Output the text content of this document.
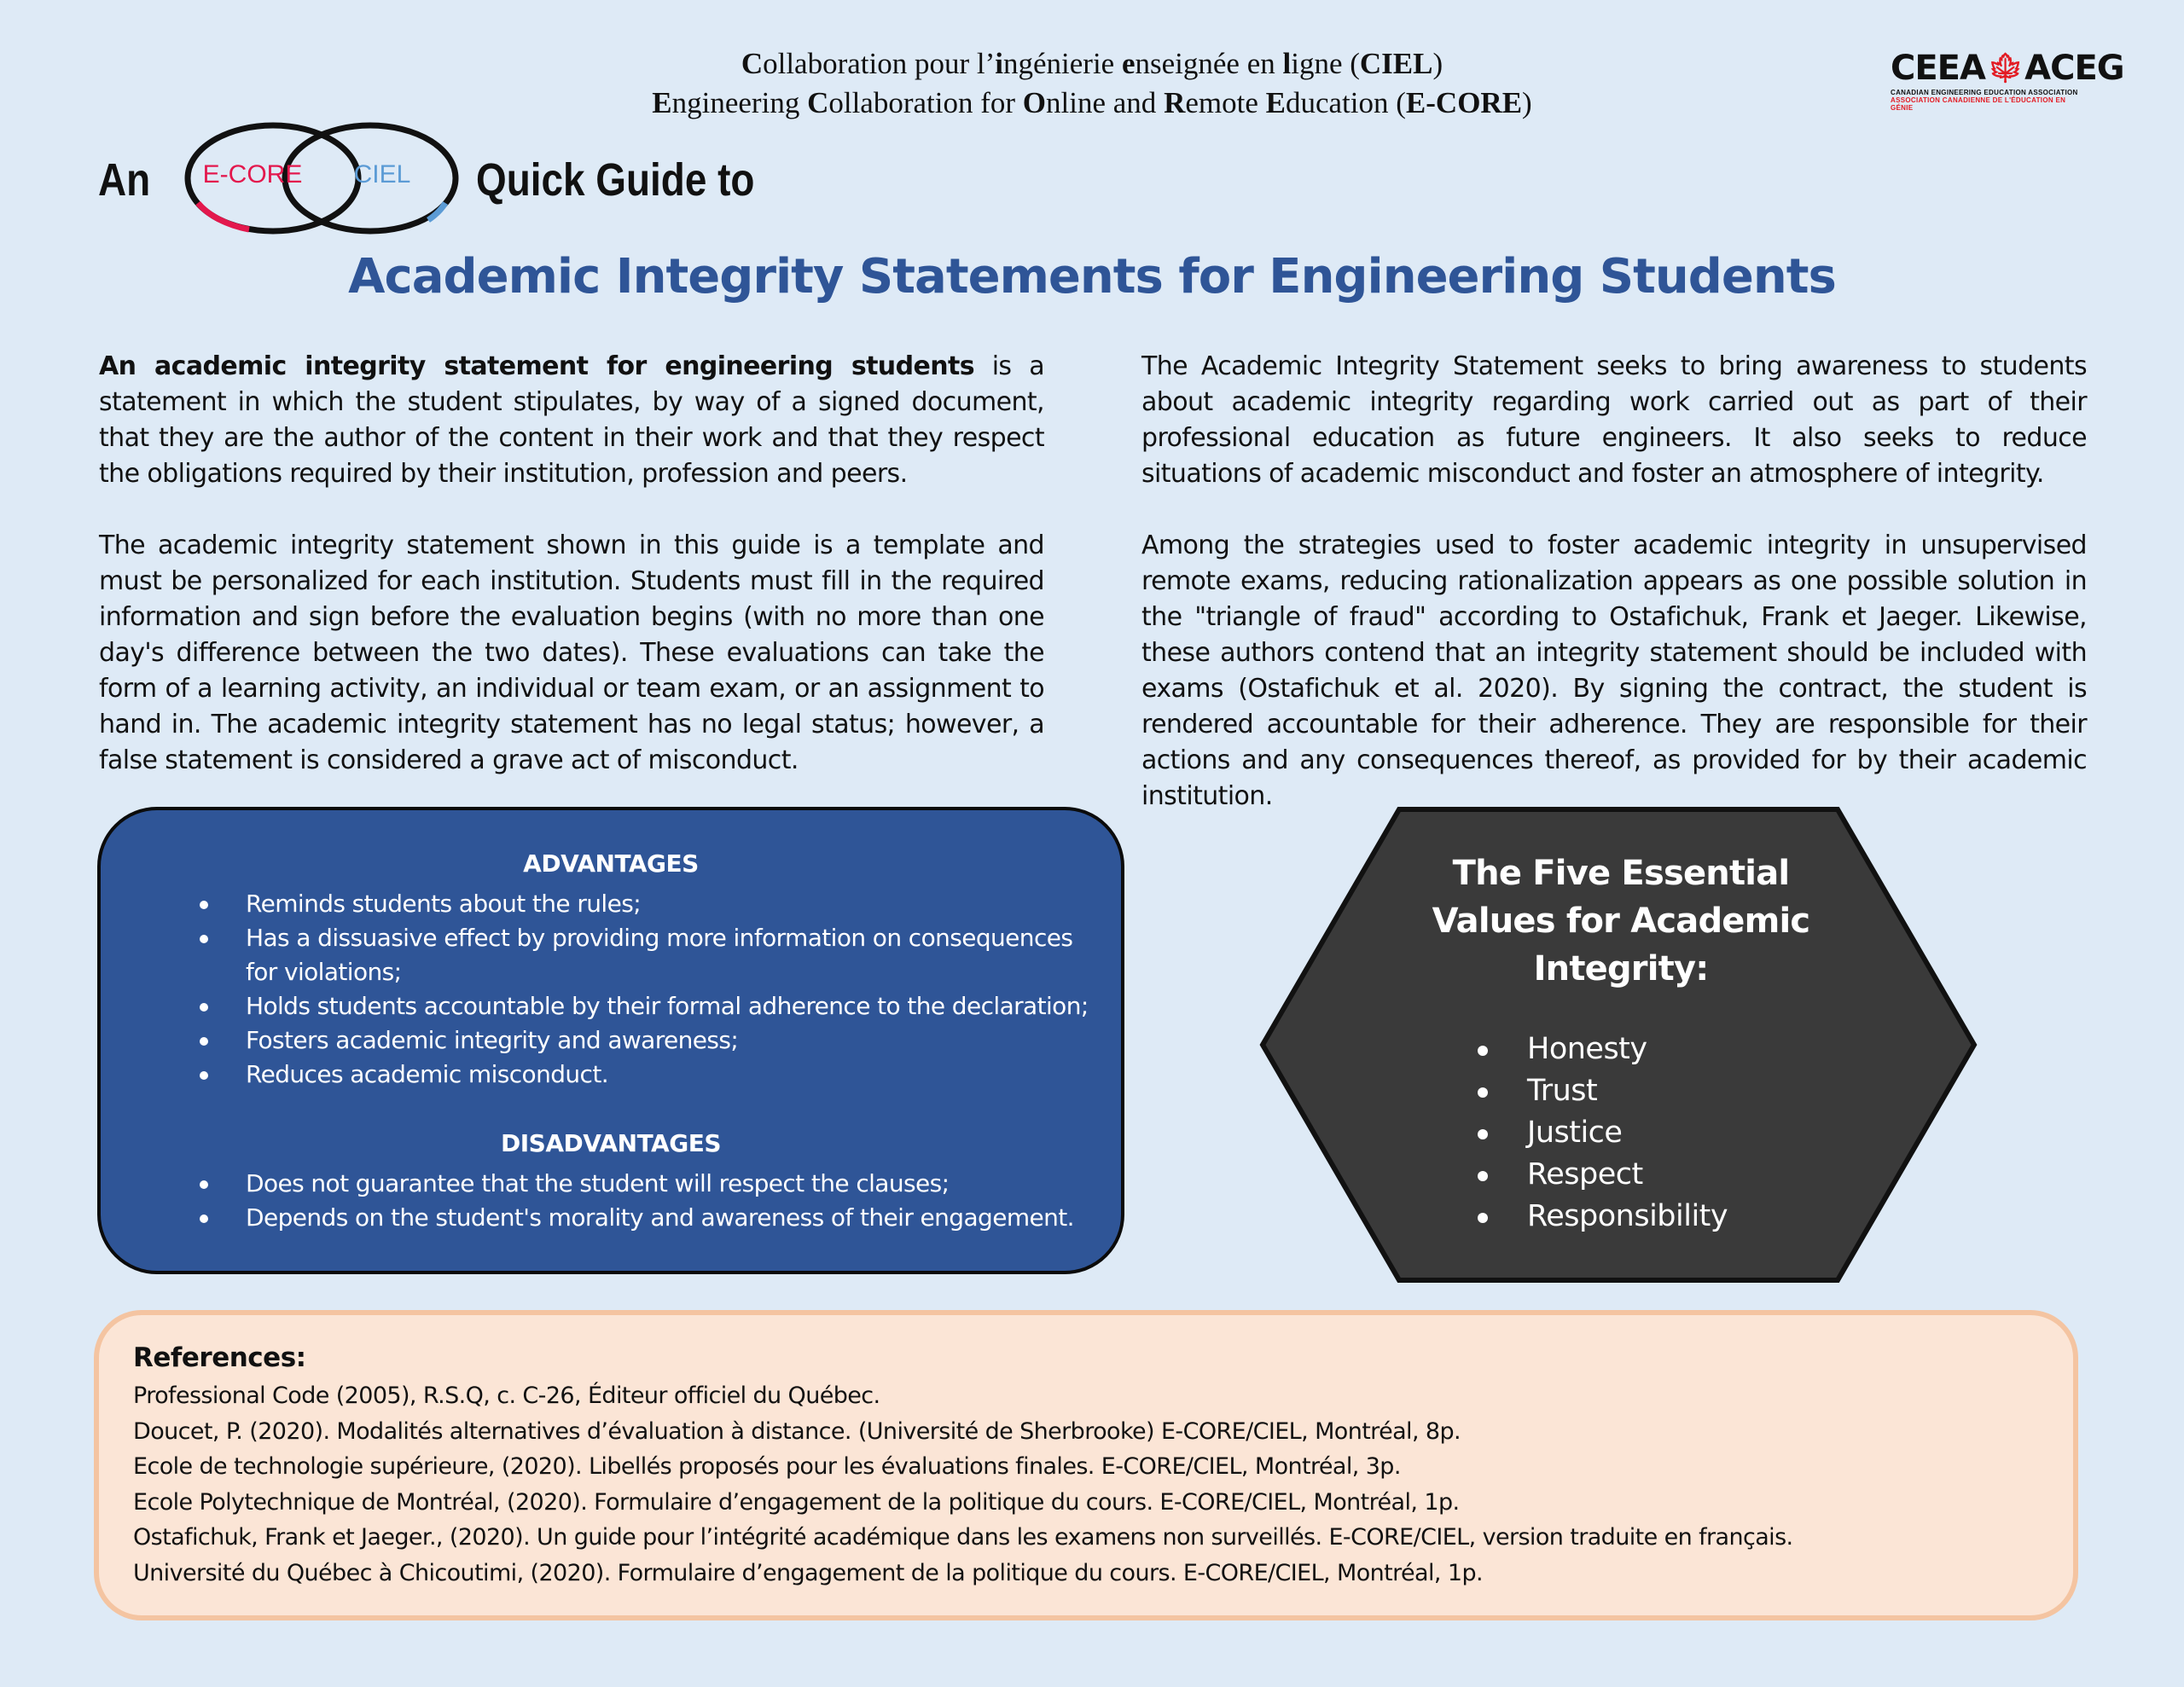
Collaboration pour l’ingénierie enseignée en ligne (CIEL)
Engineering Collaboration for Online and Remote Education (E-CORE)
CEEA 🍁︎ ACEG
CANADIAN ENGINEERING EDUCATION ASSOCIATION
ASSOCIATION CANADIENNE DE L'ÉDUCATION EN GÉNIE
An E-CORE CIEL Quick Guide to
Academic Integrity Statements for Engineering Students

An academic integrity statement for engineering students is a statement in which the student stipulates, by way of a signed document, that they are the author of the content in their work and that they respect the obligations required by their institution, profession and peers.

The academic integrity statement shown in this guide is a template and must be personalized for each institution. Students must fill in the required information and sign before the evaluation begins (with no more than one day's difference between the two dates). These evaluations can take the form of a learning activity, an individual or team exam, or an assignment to hand in. The academic integrity statement has no legal status; however, a false statement is considered a grave act of misconduct.

The Academic Integrity Statement seeks to bring awareness to students about academic integrity regarding work carried out as part of their professional education as future engineers. It also seeks to reduce situations of academic misconduct and foster an atmosphere of integrity.

Among the strategies used to foster academic integrity in unsupervised remote exams, reducing rationalization appears as one possible solution in the "triangle of fraud" according to Ostafichuk, Frank et Jaeger. Likewise, these authors contend that an integrity statement should be included with exams (Ostafichuk et al. 2020). By signing the contract, the student is rendered accountable for their adherence. They are responsible for their actions and any consequences thereof, as provided for by their academic institution.

ADVANTAGES
Reminds students about the rules;
Has a dissuasive effect by providing more information on consequences for violations;
Holds students accountable by their formal adherence to the declaration;
Fosters academic integrity and awareness;
Reduces academic misconduct.
DISADVANTAGES
Does not guarantee that the student will respect the clauses;
Depends on the student's morality and awareness of their engagement.
The Five Essential Values for Academic Integrity:
Honesty
Trust
Justice
Respect
Responsibility
References:
Professional Code (2005), R.S.Q, c. C-26, Éditeur officiel du Québec.
Doucet, P. (2020). Modalités alternatives d’évaluation à distance. (Université de Sherbrooke) E-CORE/CIEL, Montréal, 8p.
Ecole de technologie supérieure, (2020). Libellés proposés pour les évaluations finales. E-CORE/CIEL, Montréal, 3p.
Ecole Polytechnique de Montréal, (2020). Formulaire d’engagement de la politique du cours. E-CORE/CIEL, Montréal, 1p.
Ostafichuk, Frank et Jaeger., (2020). Un guide pour l’intégrité académique dans les examens non surveillés. E-CORE/CIEL, version traduite en français.
Université du Québec à Chicoutimi, (2020). Formulaire d’engagement de la politique du cours. E-CORE/CIEL, Montréal, 1p.
